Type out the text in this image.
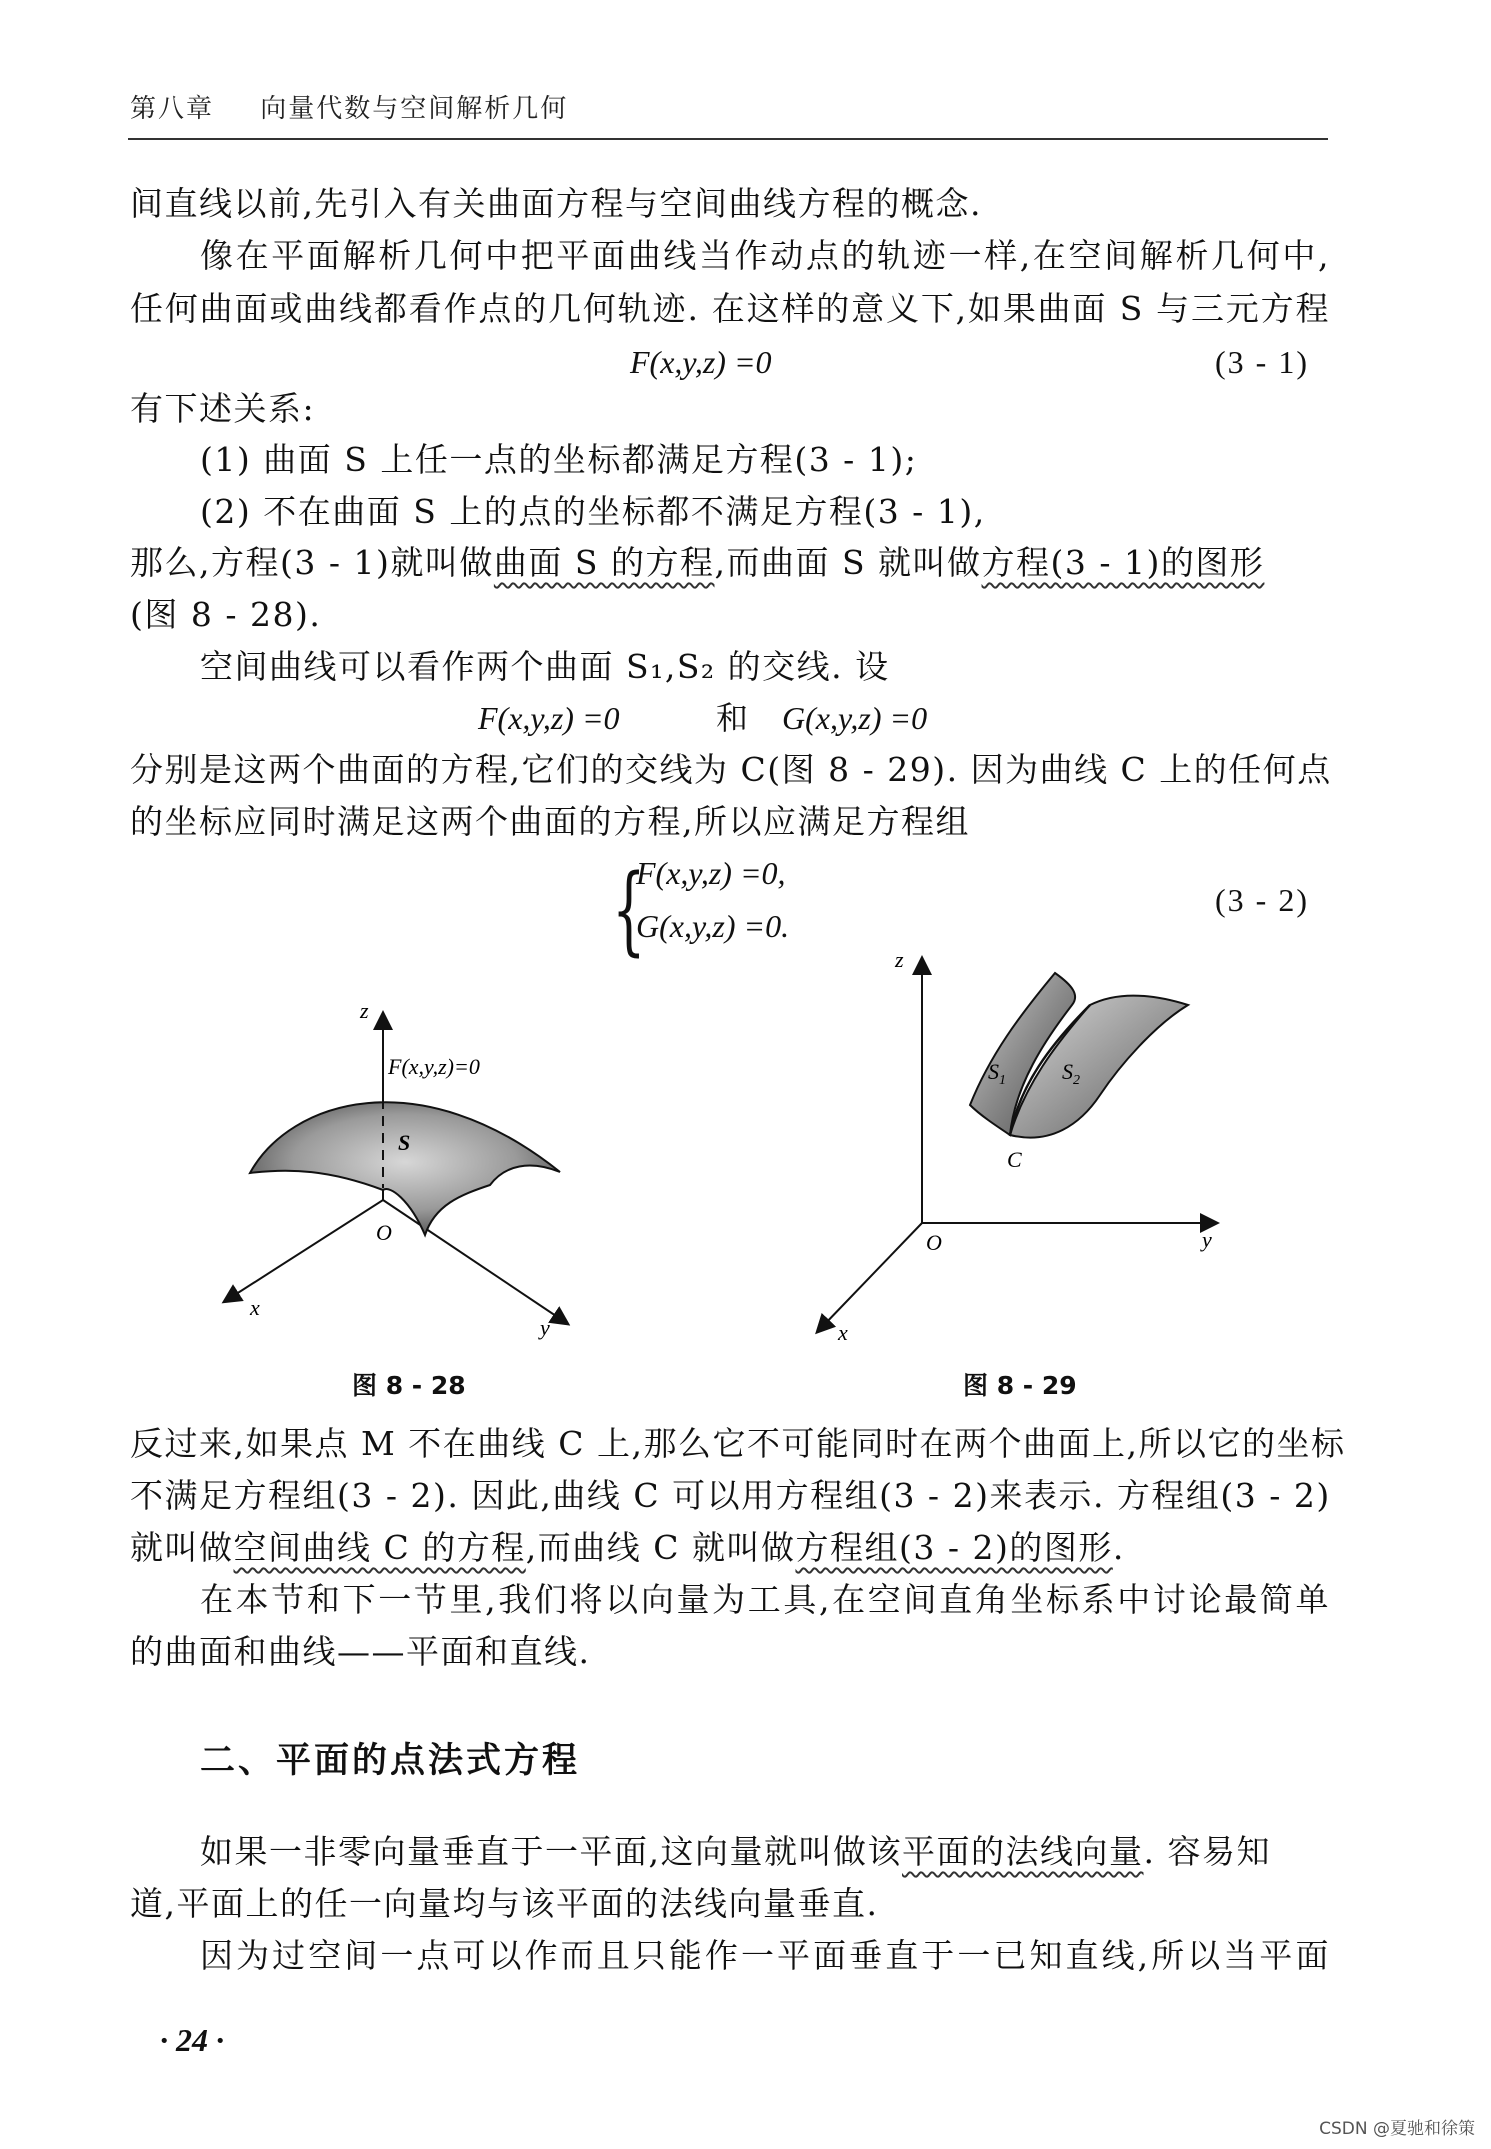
第八章 向量代数与空间解析几何
间直线以前,先引入有关曲面方程与空间曲线方程的概念.
像在平面解析几何中把平面曲线当作动点的轨迹一样,在空间解析几何中,
任何曲面或曲线都看作点的几何轨迹. 在这样的意义下,如果曲面 S 与三元方程
F(x,y,z) =0	(3 - 1)
有下述关系:
(1) 曲面 S 上任一点的坐标都满足方程(3 - 1);
(2) 不在曲面 S 上的点的坐标都不满足方程(3 - 1),
那么,方程(3 - 1)就叫做曲面 S 的方程,而曲面 S 就叫做方程(3 - 1)的图形
(图 8 - 28).
空间曲线可以看作两个曲面 S₁,S₂ 的交线. 设
F(x,y,z) =0	和 G(x,y,z) =0
分别是这两个曲面的方程,它们的交线为 C(图 8 - 29). 因为曲线 C 上的任何点
的坐标应同时满足这两个曲面的方程,所以应满足方程组
{
F(x,y,z) =0,
G(x,y,z) =0.
(3 - 2)
z
F(x,y,z)=0
S
O
x
y
图 8 - 28
z
$S_1$	$S_2$
C
O	y
x
图 8 - 29
反过来,如果点 M 不在曲线 C 上,那么它不可能同时在两个曲面上,所以它的坐标
不满足方程组(3 - 2). 因此,曲线 C 可以用方程组(3 - 2)来表示. 方程组(3 - 2)
就叫做空间曲线 C 的方程,而曲线 C 就叫做方程组(3 - 2)的图形.
在本节和下一节里,我们将以向量为工具,在空间直角坐标系中讨论最简单
的曲面和曲线——平面和直线.
二、平面的点法式方程
如果一非零向量垂直于一平面,这向量就叫做该平面的法线向量. 容易知
道,平面上的任一向量均与该平面的法线向量垂直.
因为过空间一点可以作而且只能作一平面垂直于一已知直线,所以当平面
· 24 ·
CSDN @夏驰和徐策
